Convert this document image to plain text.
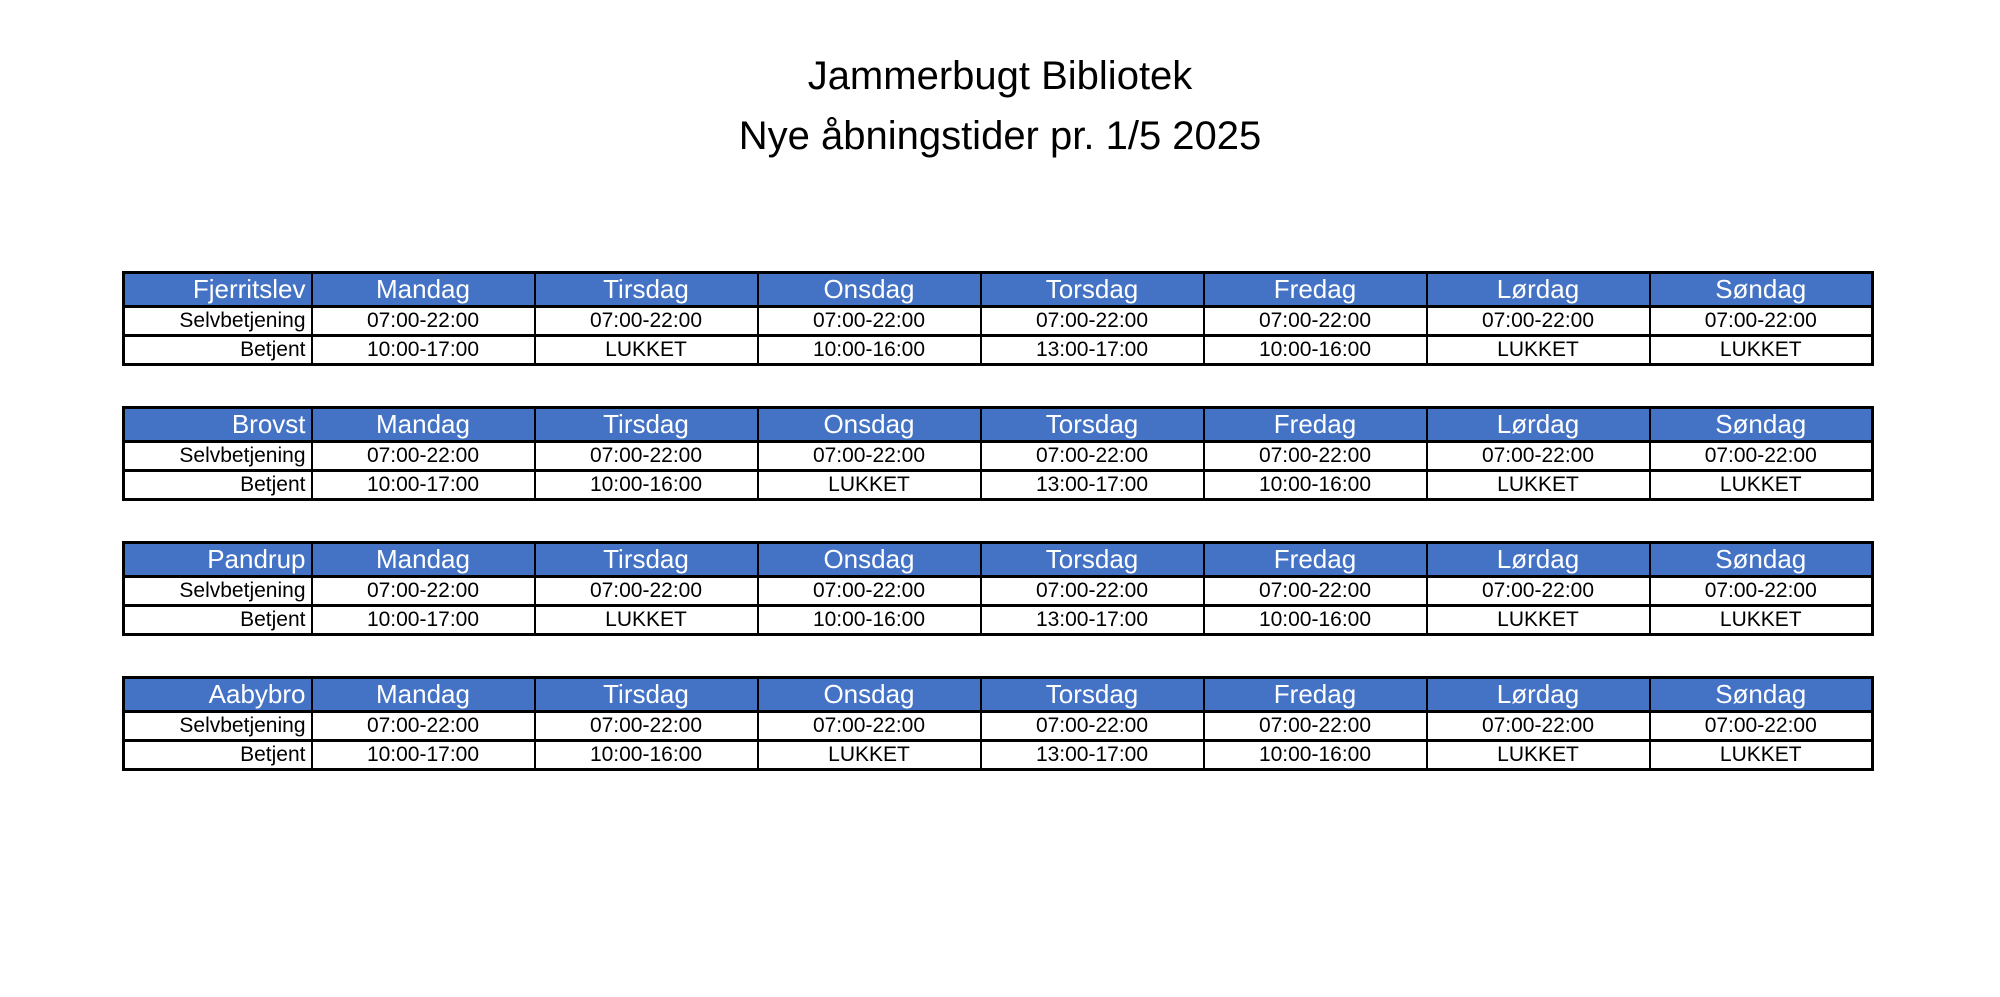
Jammerbugt Bibliotek
Nye åbningstider pr. 1/5 2025
Fjerritslev	Mandag	Tirsdag	Onsdag	Torsdag	Fredag	Lørdag	Søndag
Selvbetjening	07:00-22:00	07:00-22:00	07:00-22:00	07:00-22:00	07:00-22:00	07:00-22:00	07:00-22:00
Betjent	10:00-17:00	LUKKET	10:00-16:00	13:00-17:00	10:00-16:00	LUKKET	LUKKET
Brovst	Mandag	Tirsdag	Onsdag	Torsdag	Fredag	Lørdag	Søndag
Selvbetjening	07:00-22:00	07:00-22:00	07:00-22:00	07:00-22:00	07:00-22:00	07:00-22:00	07:00-22:00
Betjent	10:00-17:00	10:00-16:00	LUKKET	13:00-17:00	10:00-16:00	LUKKET	LUKKET
Pandrup	Mandag	Tirsdag	Onsdag	Torsdag	Fredag	Lørdag	Søndag
Selvbetjening	07:00-22:00	07:00-22:00	07:00-22:00	07:00-22:00	07:00-22:00	07:00-22:00	07:00-22:00
Betjent	10:00-17:00	LUKKET	10:00-16:00	13:00-17:00	10:00-16:00	LUKKET	LUKKET
Aabybro	Mandag	Tirsdag	Onsdag	Torsdag	Fredag	Lørdag	Søndag
Selvbetjening	07:00-22:00	07:00-22:00	07:00-22:00	07:00-22:00	07:00-22:00	07:00-22:00	07:00-22:00
Betjent	10:00-17:00	10:00-16:00	LUKKET	13:00-17:00	10:00-16:00	LUKKET	LUKKET
